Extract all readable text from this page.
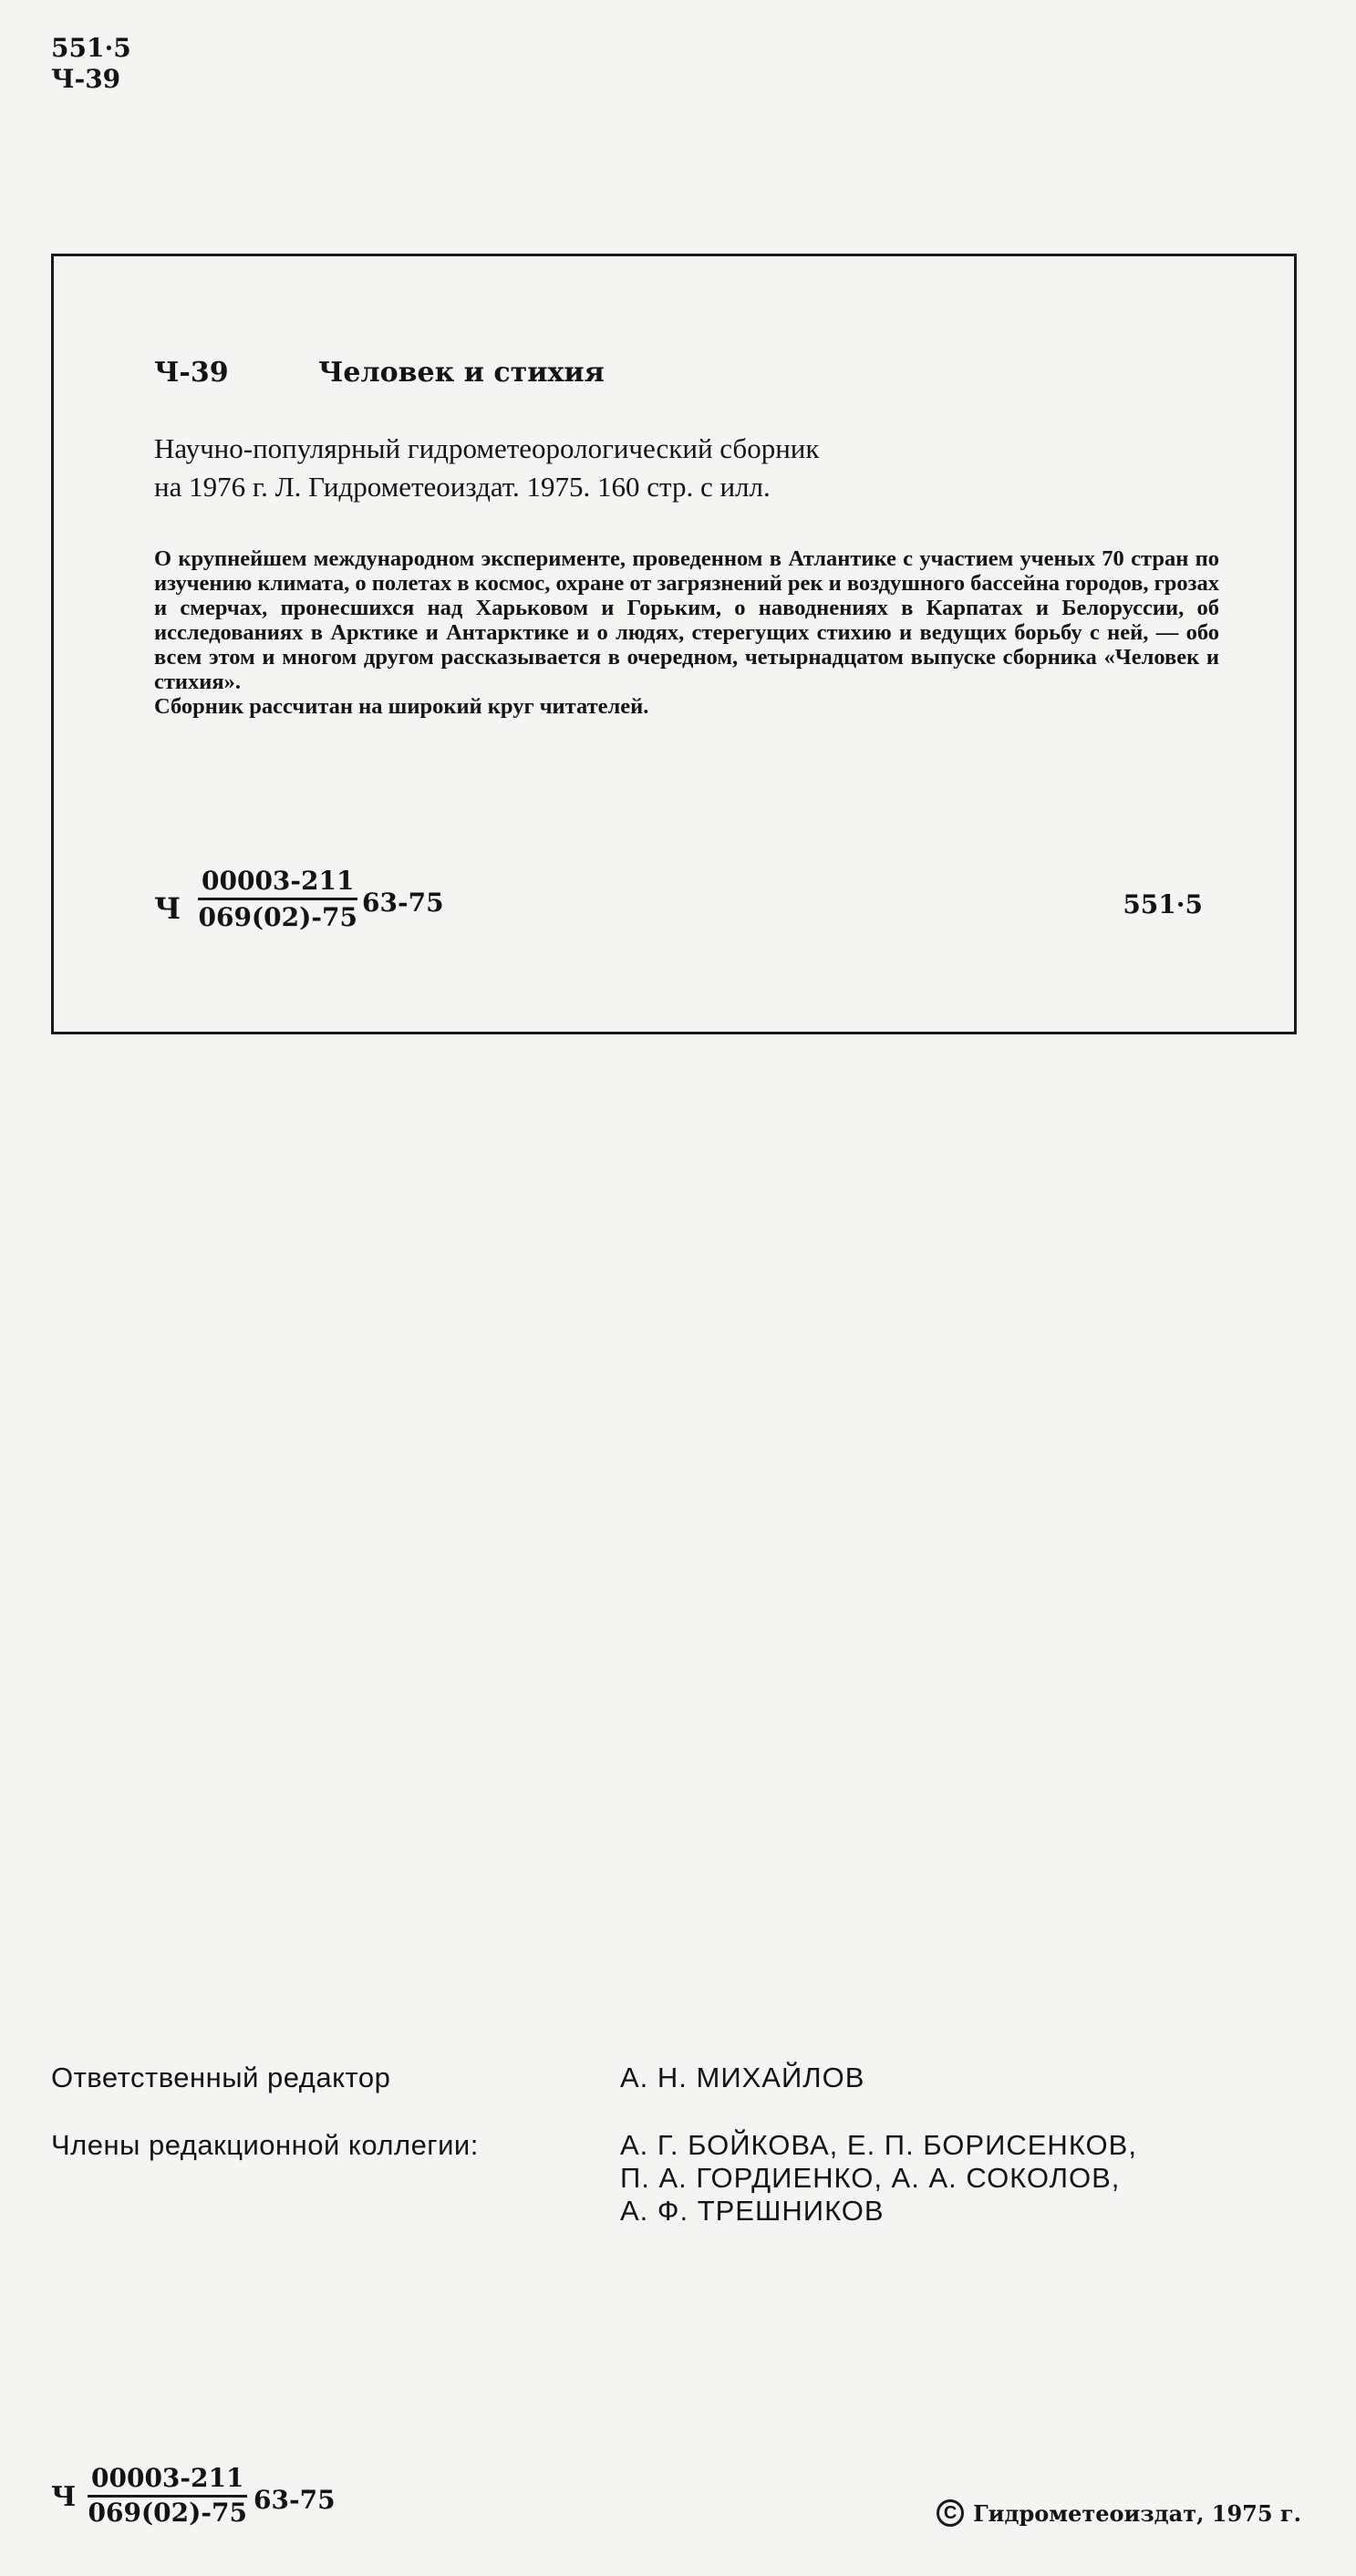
551·5
Ч-39
Ч-39	Человек и стихия
Научно-популярный гидрометеорологический сборник
на 1976 г. Л. Гидрометеоиздат. 1975. 160 стр. с илл.

О крупнейшем международном эксперименте, проведенном в Атлантике с участием ученых 70 стран по изучению климата, о полетах в космос, охране от загрязнений рек и воздушного бассейна городов, грозах и смерчах, пронесшихся над Харьковом и Горьким, о наводнениях в Карпатах и Белоруссии, об исследованиях в Арктике и Антарктике и о людях, стерегущих стихию и ведущих борьбу с ней, — обо всем этом и многом другом рассказывается в очередном, четырнадцатом выпуске сборника «Человек и стихия».

Сборник рассчитан на широкий круг читателей.

Ч $\frac{00003-211}{069(02)-75} 63-75$	551·5
Ответственный редактор	А. Н. МИХАЙЛОВ
Члены редакционной коллегии:	А. Г. БОЙКОВА, Е. П. БОРИСЕНКОВ,
П. А. ГОРДИЕНКО, А. А. СОКОЛОВ,
А. Ф. ТРЕШНИКОВ
Ч $\frac{00003-211}{069(02)-75} 63-75$	C Гидрометеоиздат, 1975 г.
